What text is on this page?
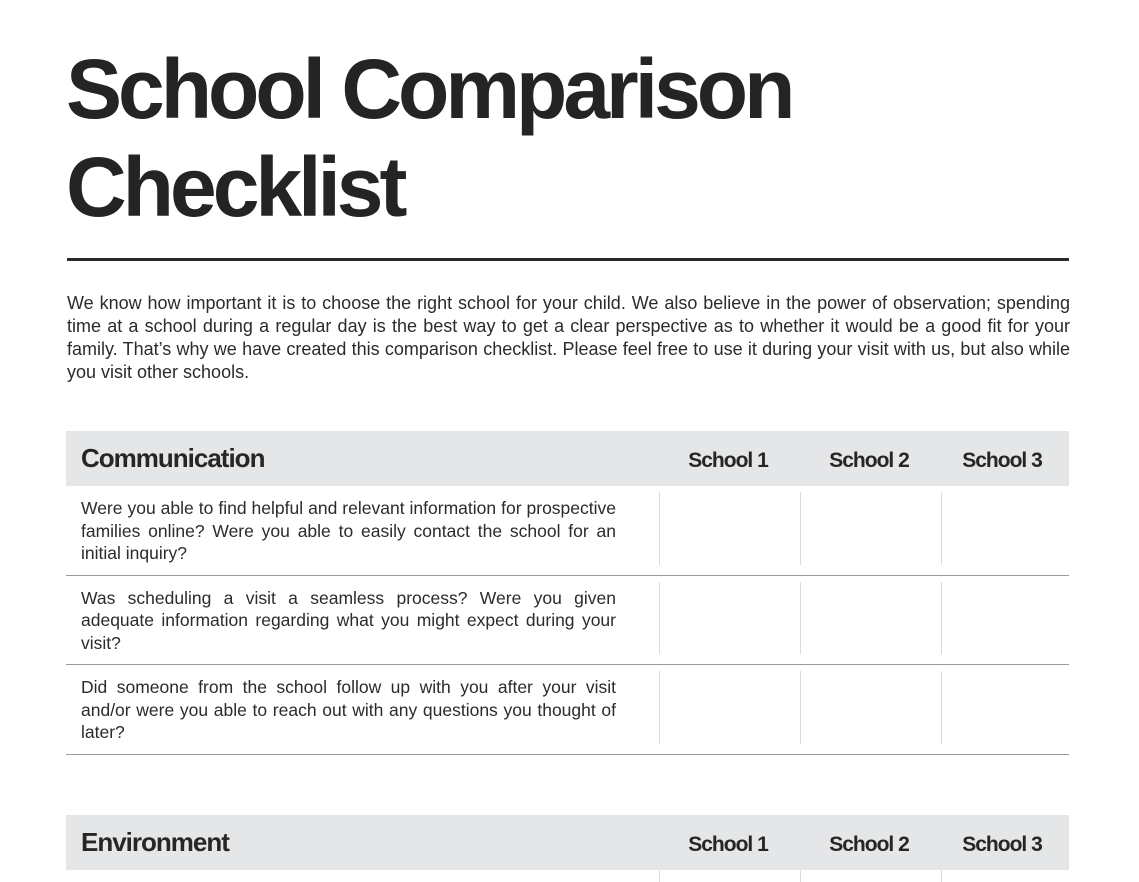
School Comparison
Checklist

We know how important it is to choose the right school for your child. We also believe in the power of observation; spending time at a school during a regular day is the best way to get a clear perspective as to whether it would be a good fit for your family. That’s why we have created this comparison checklist. Please feel free to use it during your visit with us, but also while you visit other schools.

Communication	School 1	School 2	School 3

Were you able to find helpful and relevant information for prospective families online? Were you able to easily contact the school for an initial inquiry?

Was scheduling a visit a seamless process? Were you given adequate information regarding what you might expect during your visit?

Did someone from the school follow up with you after your visit and/or were you able to reach out with any questions you thought of later?

Environment	School 1	School 2	School 3
